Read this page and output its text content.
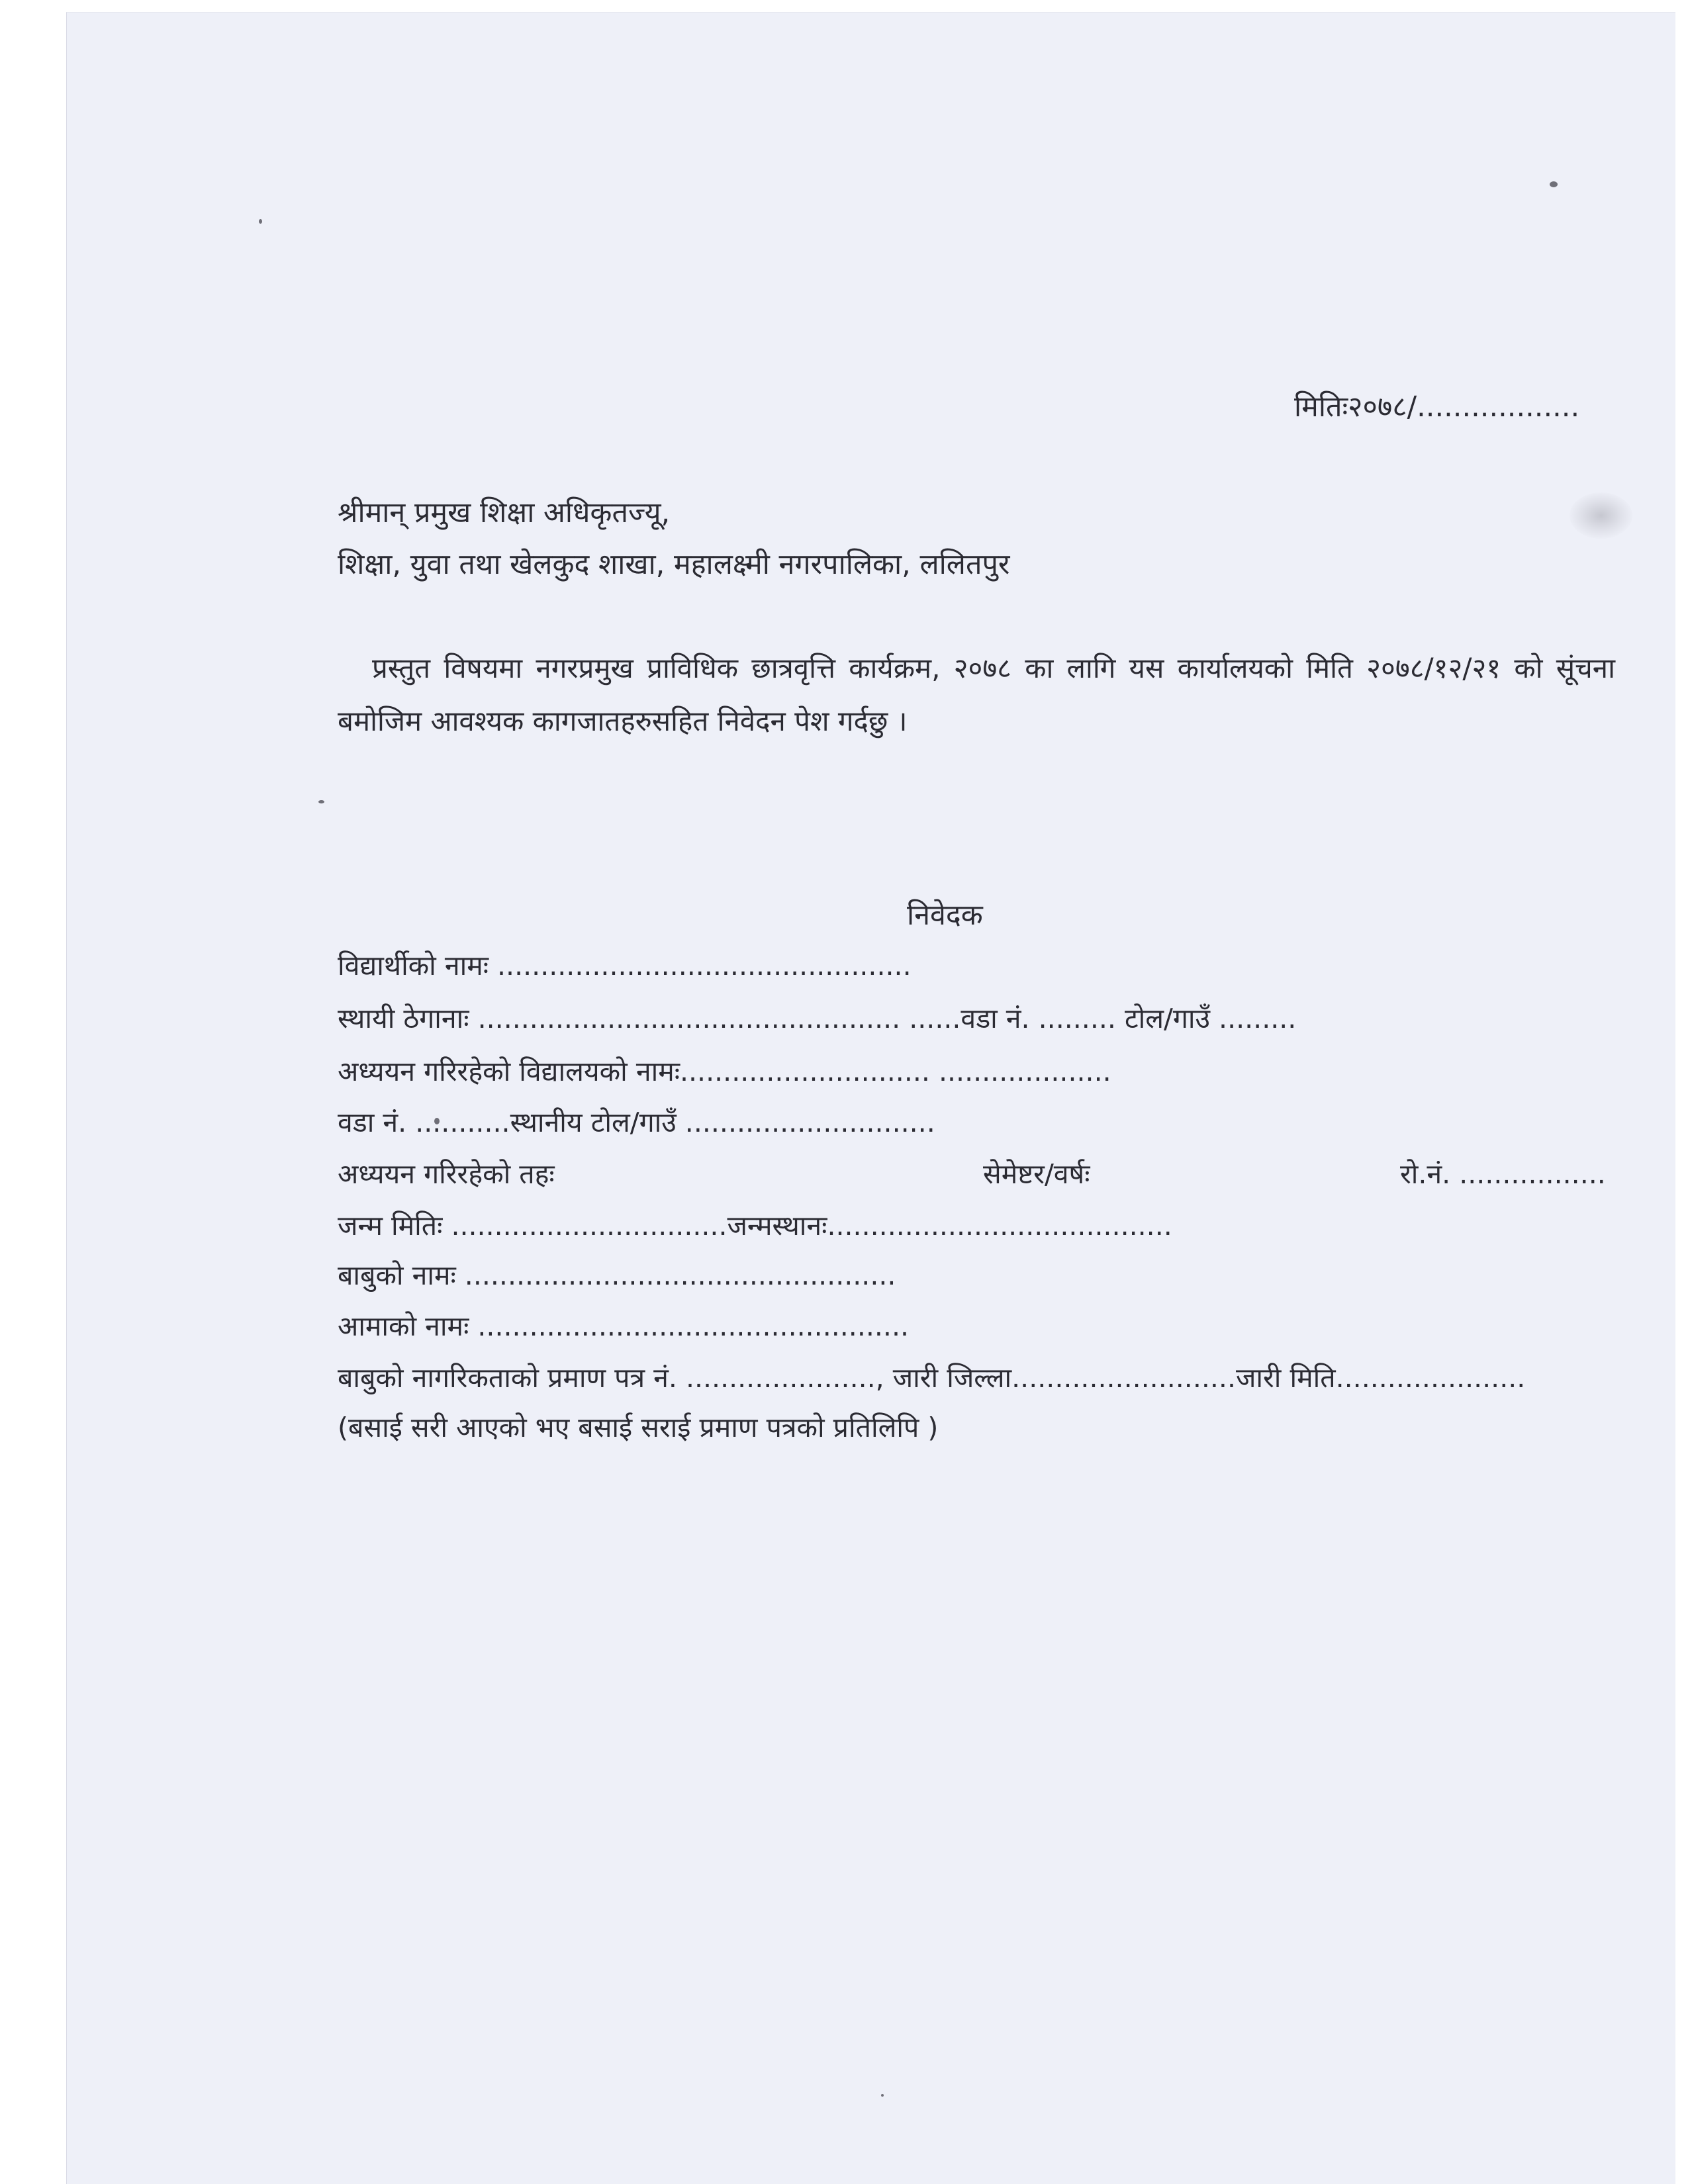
मितिः२०७८/..................
श्रीमान् प्रमुख शिक्षा अधिकृतज्यू,
शिक्षा, युवा तथा खेलकुद शाखा, महालक्ष्मी नगरपालिका, ललितपुर
प्रस्तुत विषयमा नगरप्रमुख प्राविधिक छात्रवृत्ति कार्यक्रम, २०७८ का लागि यस कार्यालयको मिति २०७८/१२/२१ को सूंचना बमोजिम आवश्यक कागजातहरुसहित निवेदन पेश गर्दछु ।
निवेदक
विद्यार्थीको नामः ................................................
स्थायी ठेगानाः ................................................. ......वडा नं. ......... टोल/गाउँ .........
अध्ययन गरिरहेको विद्यालयको नामः............................. ....................
वडा नं. ...........स्थानीय टोल/गाउँ .............................
अध्ययन गरिरहेको तहः	सेमेष्टर/वर्षः	रो.नं. .................
जन्म मितिः ................................जन्मस्थानः........................................
बाबुको नामः ..................................................
आमाको नामः ..................................................
बाबुको नागरिकताको प्रमाण पत्र नं. ......................, जारी जिल्ला..........................जारी मिति......................
(बसाई सरी आएको भए बसाई सराई प्रमाण पत्रको प्रतिलिपि )
